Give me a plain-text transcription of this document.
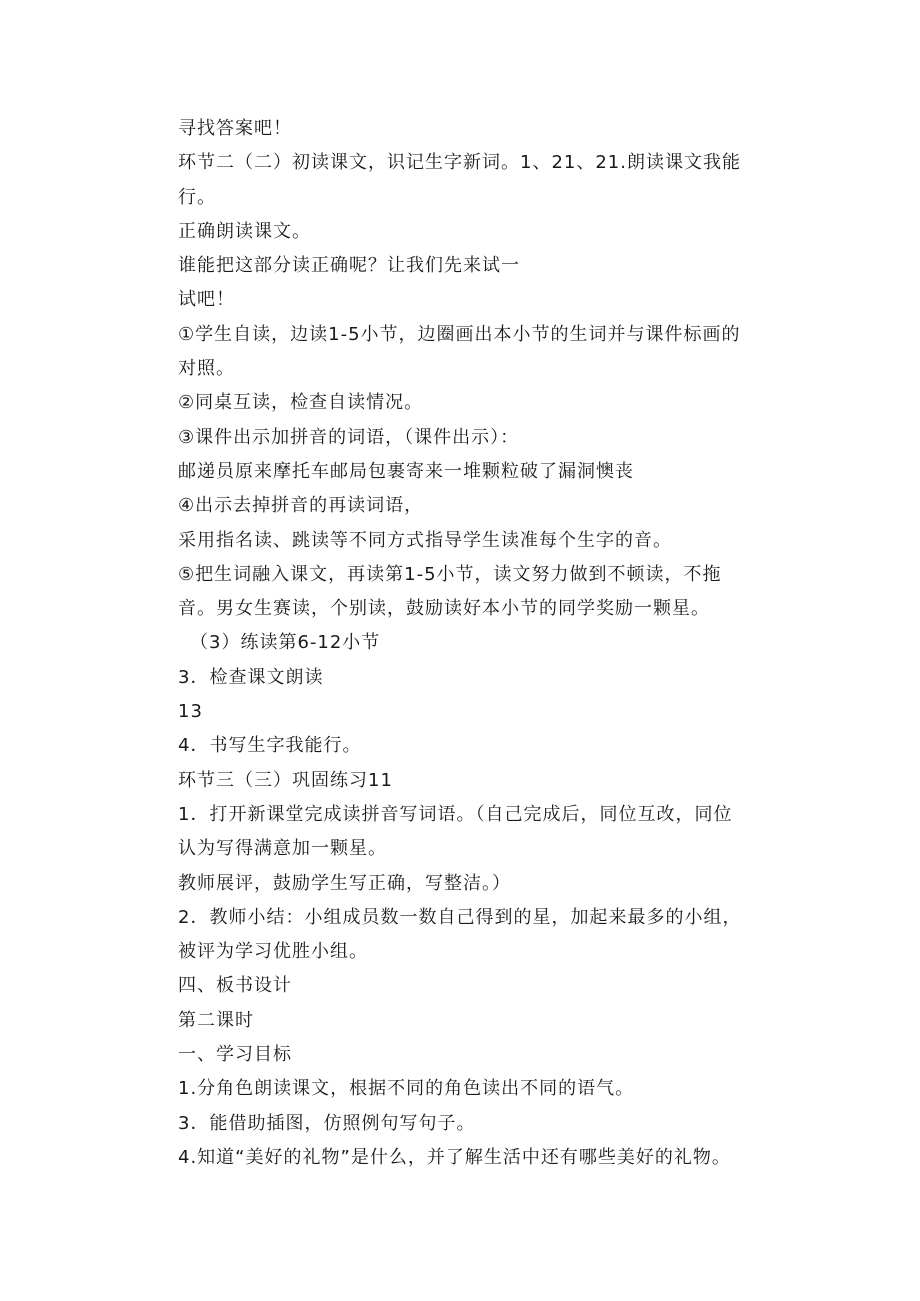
寻找答案吧！
环节二（二）初读课文，识记生字新词。1、21、21.朗读课文我能
行。
正确朗读课文。
谁能把这部分读正确呢？让我们先来试一
试吧！
①学生自读，边读1-5小节，边圈画出本小节的生词并与课件标画的
对照。
②同桌互读，检查自读情况。
③课件出示加拼音的词语，（课件出示）：
邮递员原来摩托车邮局包裹寄来一堆颗粒破了漏洞懊丧
④出示去掉拼音的再读词语，
采用指名读、跳读等不同方式指导学生读准每个生字的音。
⑤把生词融入课文，再读第1-5小节，读文努力做到不顿读，不拖
音。男女生赛读，个别读，鼓励读好本小节的同学奖励一颗星。
（3）练读第6-12小节
3．检查课文朗读
13
4．书写生字我能行。
环节三（三）巩固练习11
1．打开新课堂完成读拼音写词语。（自己完成后，同位互改，同位
认为写得满意加一颗星。
教师展评，鼓励学生写正确，写整洁。）
2．教师小结：小组成员数一数自己得到的星，加起来最多的小组，
被评为学习优胜小组。
四、板书设计
第二课时
一、学习目标
1.分角色朗读课文，根据不同的角色读出不同的语气。
3．能借助插图，仿照例句写句子。
4.知道“美好的礼物”是什么，并了解生活中还有哪些美好的礼物。
